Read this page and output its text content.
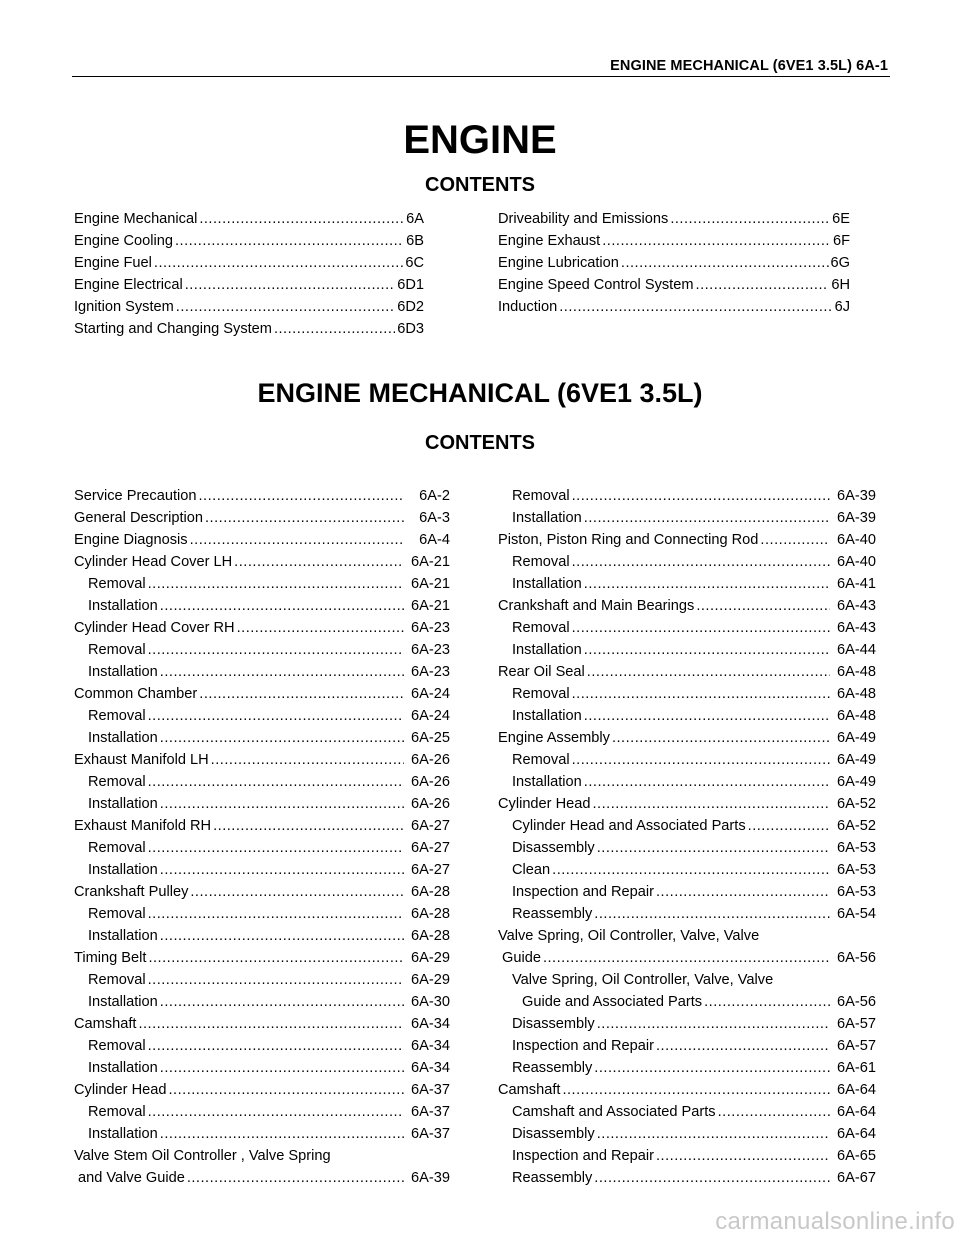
ENGINE MECHANICAL (6VE1 3.5L) 6A-1
ENGINE
CONTENTS
Engine Mechanical .....	6A
Engine Cooling .....	6B
Engine Fuel .....	6C
Engine Electrical .....	6D1
Ignition System .....	6D2
Starting and Changing System .....	6D3
Driveability and Emissions .....	6E
Engine Exhaust .....	6F
Engine Lubrication .....	6G
Engine Speed Control System .....	6H
Induction .....	6J
ENGINE MECHANICAL (6VE1 3.5L)
CONTENTS
Service Precaution .....	6A-2
General Description .....	6A-3
Engine Diagnosis .....	6A-4
Cylinder Head Cover LH .....	6A-21
Removal .....	6A-21
Installation .....	6A-21
Cylinder Head Cover RH .....	6A-23
Removal .....	6A-23
Installation .....	6A-23
Common Chamber .....	6A-24
Removal .....	6A-24
Installation .....	6A-25
Exhaust Manifold LH .....	6A-26
Removal .....	6A-26
Installation .....	6A-26
Exhaust Manifold RH .....	6A-27
Removal .....	6A-27
Installation .....	6A-27
Crankshaft Pulley .....	6A-28
Removal .....	6A-28
Installation .....	6A-28
Timing Belt .....	6A-29
Removal .....	6A-29
Installation .....	6A-30
Camshaft .....	6A-34
Removal .....	6A-34
Installation .....	6A-34
Cylinder Head .....	6A-37
Removal .....	6A-37
Installation .....	6A-37
Valve Stem Oil Controller , Valve Spring
and Valve Guide .....	6A-39
Removal .....	6A-39
Installation .....	6A-39
Piston, Piston Ring and Connecting Rod .....	6A-40
Removal .....	6A-40
Installation .....	6A-41
Crankshaft and Main Bearings .....	6A-43
Removal .....	6A-43
Installation .....	6A-44
Rear Oil Seal .....	6A-48
Removal .....	6A-48
Installation .....	6A-48
Engine Assembly .....	6A-49
Removal .....	6A-49
Installation .....	6A-49
Cylinder Head .....	6A-52
Cylinder Head and Associated Parts .....	6A-52
Disassembly .....	6A-53
Clean .....	6A-53
Inspection and Repair .....	6A-53
Reassembly .....	6A-54
Valve Spring, Oil Controller, Valve, Valve
Guide .....	6A-56
Valve Spring, Oil Controller, Valve, Valve
Guide and Associated Parts .....	6A-56
Disassembly .....	6A-57
Inspection and Repair .....	6A-57
Reassembly .....	6A-61
Camshaft .....	6A-64
Camshaft and Associated Parts .....	6A-64
Disassembly .....	6A-64
Inspection and Repair .....	6A-65
Reassembly .....	6A-67
carmanualsonline.info
